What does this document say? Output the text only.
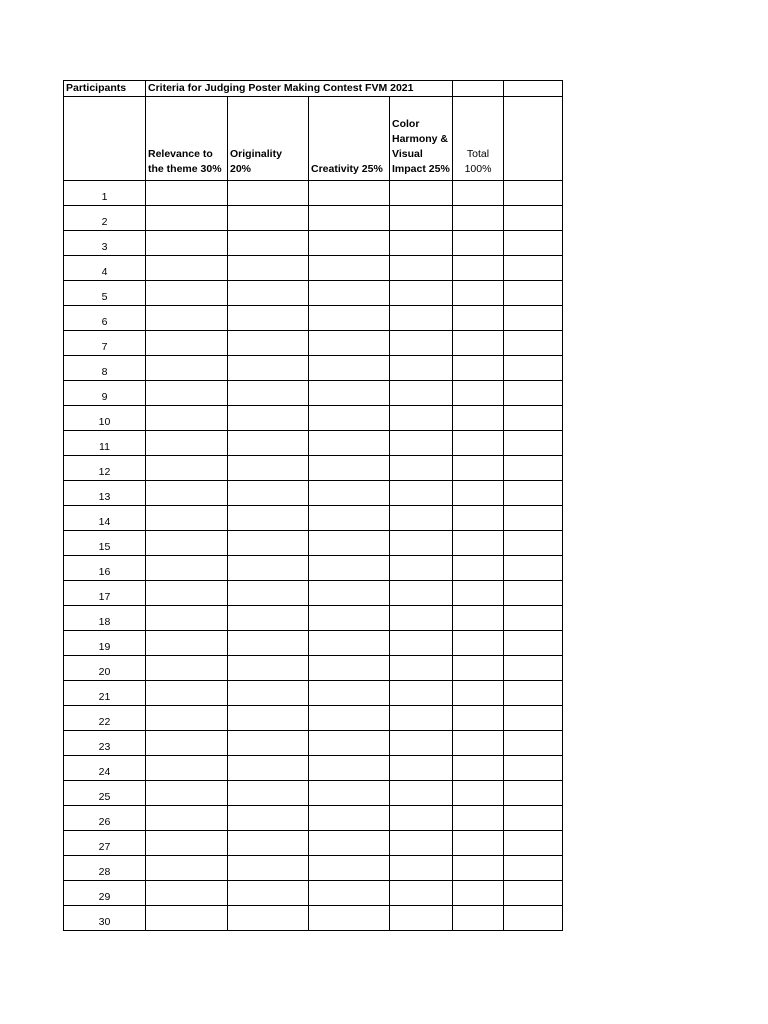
Participants	Criteria for Judging Poster Making Contest FVM 2021					
	Relevance to the theme 30%	Originality 20%	Creativity 25%	Color Harmony & Visual Impact 25%	Total 100%	
1						
2						
3						
4						
5						
6						
7						
8						
9						
10						
11						
12						
13						
14						
15						
16						
17						
18						
19						
20						
21						
22						
23						
24						
25						
26						
27						
28						
29						
30						
